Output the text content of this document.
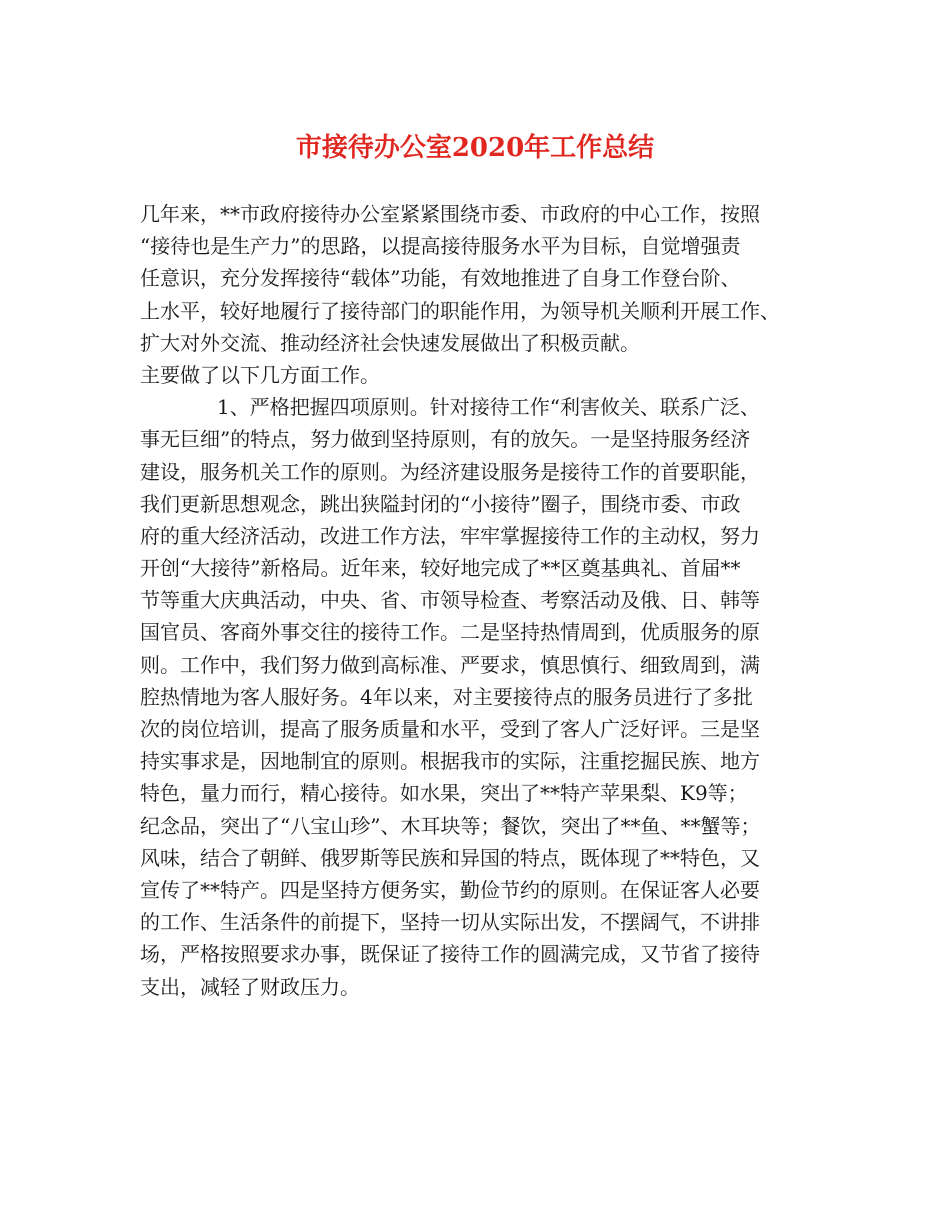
市接待办公室2020年工作总结
几年来，**市政府接待办公室紧紧围绕市委、市政府的中心工作，按照
“接待也是生产力”的思路，以提高接待服务水平为目标，自觉增强责
任意识，充分发挥接待“载体”功能，有效地推进了自身工作登台阶、
上水平，较好地履行了接待部门的职能作用，为领导机关顺利开展工作、
扩大对外交流、推动经济社会快速发展做出了积极贡献。
主要做了以下几方面工作。
1、严格把握四项原则。针对接待工作“利害攸关、联系广泛、
事无巨细”的特点，努力做到坚持原则，有的放矢。一是坚持服务经济
建设，服务机关工作的原则。为经济建设服务是接待工作的首要职能，
我们更新思想观念，跳出狭隘封闭的“小接待”圈子，围绕市委、市政
府的重大经济活动，改进工作方法，牢牢掌握接待工作的主动权，努力
开创“大接待”新格局。近年来，较好地完成了**区奠基典礼、首届**
节等重大庆典活动，中央、省、市领导检查、考察活动及俄、日、韩等
国官员、客商外事交往的接待工作。二是坚持热情周到，优质服务的原
则。工作中，我们努力做到高标准、严要求，慎思慎行、细致周到，满
腔热情地为客人服好务。4年以来，对主要接待点的服务员进行了多批
次的岗位培训，提高了服务质量和水平，受到了客人广泛好评。三是坚
持实事求是，因地制宜的原则。根据我市的实际，注重挖掘民族、地方
特色，量力而行，精心接待。如水果，突出了**特产苹果梨、K9等；
纪念品，突出了“八宝山珍”、木耳块等；餐饮，突出了**鱼、**蟹等；
风味，结合了朝鲜、俄罗斯等民族和异国的特点，既体现了**特色，又
宣传了**特产。四是坚持方便务实，勤俭节约的原则。在保证客人必要
的工作、生活条件的前提下，坚持一切从实际出发，不摆阔气，不讲排
场，严格按照要求办事，既保证了接待工作的圆满完成，又节省了接待
支出，减轻了财政压力。
